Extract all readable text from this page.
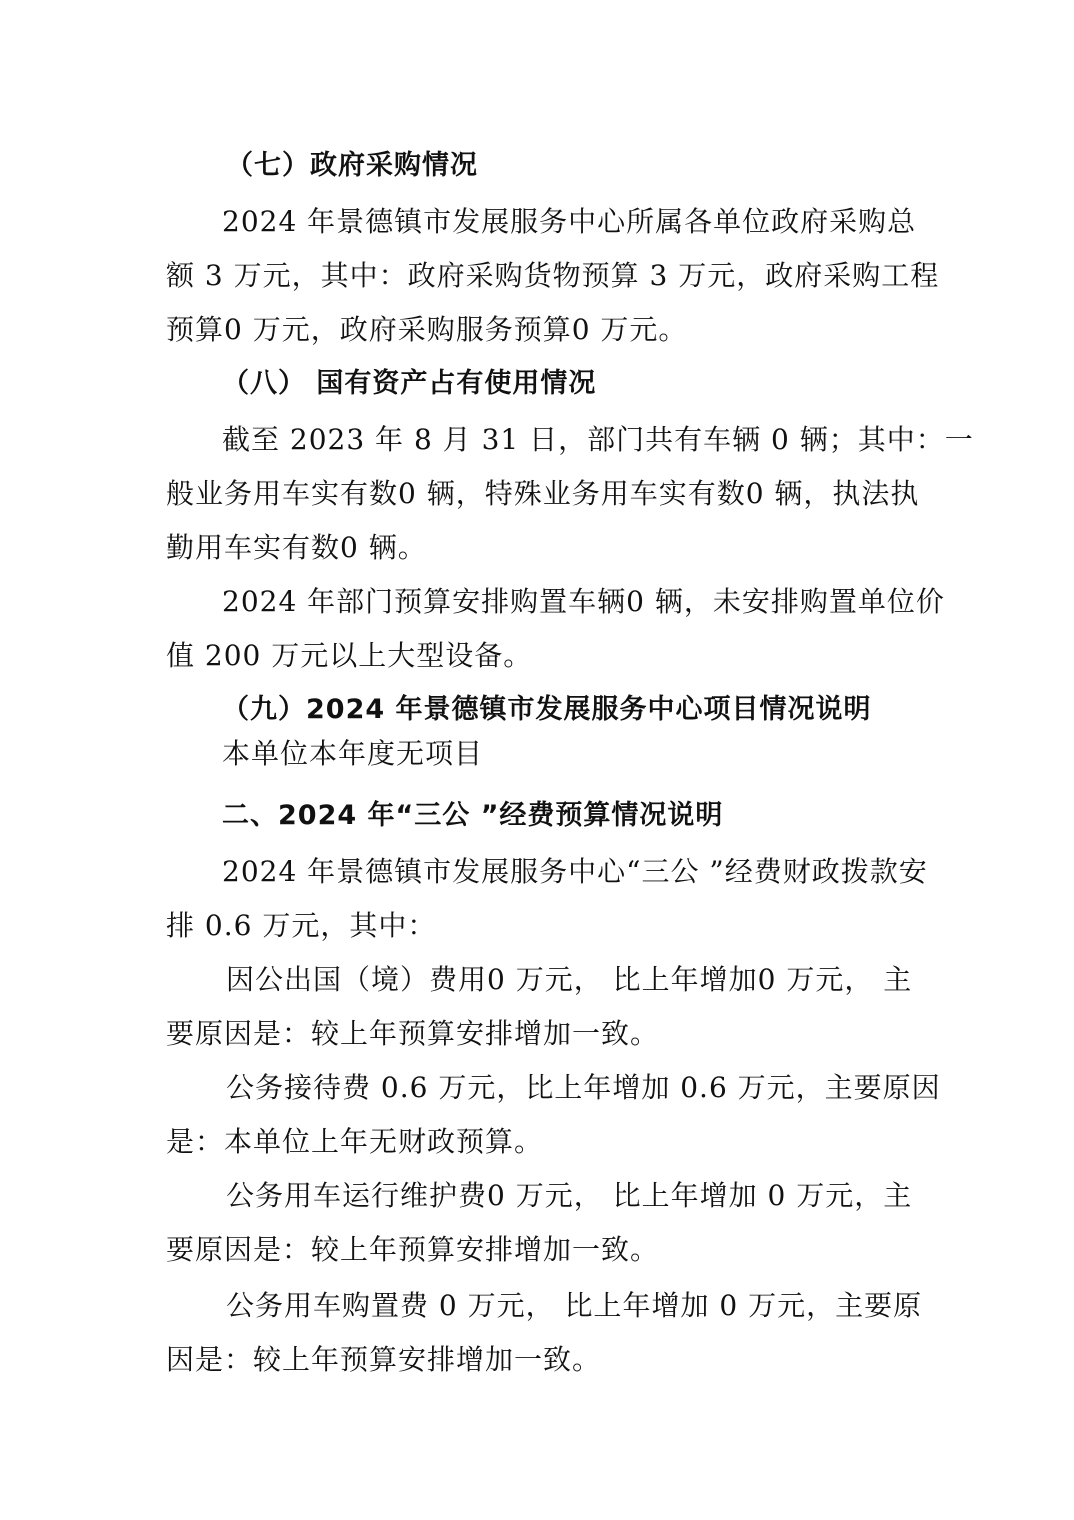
（七）政府采购情况
2024 年景德镇市发展服务中心所属各单位政府采购总
额 3 万元，其中：政府采购货物预算 3 万元，政府采购工程
预算0 万元，政府采购服务预算0 万元。
（八） 国有资产占有使用情况
截至 2023 年 8 月 31 日，部门共有车辆 0 辆；其中：一
般业务用车实有数0 辆，特殊业务用车实有数0 辆，执法执
勤用车实有数0 辆。
2024 年部门预算安排购置车辆0 辆，未安排购置单位价
值 200 万元以上大型设备。
（九）2024 年景德镇市发展服务中心项目情况说明
本单位本年度无项目
二、2024 年“三公 ”经费预算情况说明
2024 年景德镇市发展服务中心“三公 ”经费财政拨款安
排 0.6 万元，其中：
因公出国（境）费用0 万元， 比上年增加0 万元， 主
要原因是：较上年预算安排增加一致。
公务接待费 0.6 万元，比上年增加 0.6 万元，主要原因
是：本单位上年无财政预算。
公务用车运行维护费0 万元， 比上年增加 0 万元，主
要原因是：较上年预算安排增加一致。
公务用车购置费 0 万元， 比上年增加 0 万元，主要原
因是：较上年预算安排增加一致。
